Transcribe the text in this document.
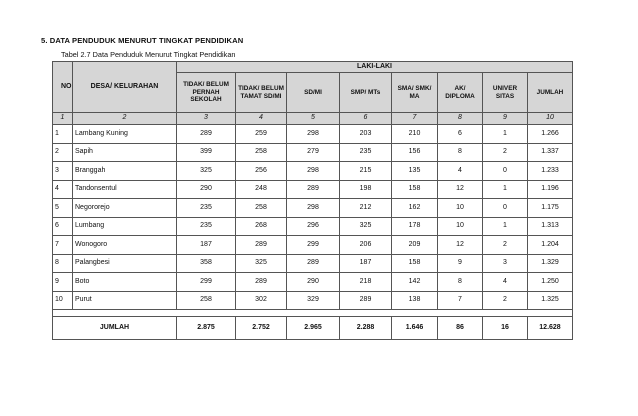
5. DATA PENDUDUK MENURUT TINGKAT PENDIDIKAN
Tabel 2.7 Data Penduduk Menurut Tingkat Pendidikan
NO	DESA/ KELURAHAN	LAKI-LAKI							
		TIDAK/ BELUM PERNAH SEKOLAH	TIDAK/ BELUM TAMAT SD/MI	SD/MI	SMP/ MTs	SMA/ SMK/ MA	AK/ DIPLOMA	UNIVER SITAS	JUMLAH
1	2	3	4	5	6	7	8	9	10
1	Lambang Kuning	289	259	298	203	210	6	1	1.266
2	Sapih	399	258	279	235	156	8	2	1.337
3	Branggah	325	256	298	215	135	4	0	1.233
4	Tandonsentul	290	248	289	198	158	12	1	1.196
5	Negororejo	235	258	298	212	162	10	0	1.175
6	Lumbang	235	268	296	325	178	10	1	1.313
7	Wonogoro	187	289	299	206	209	12	2	1.204
8	Palangbesi	358	325	289	187	158	9	3	1.329
9	Boto	299	289	290	218	142	8	4	1.250
10	Purut	258	302	329	289	138	7	2	1.325

JUMLAH		2.875	2.752	2.965	2.288	1.646	86	16	12.628
